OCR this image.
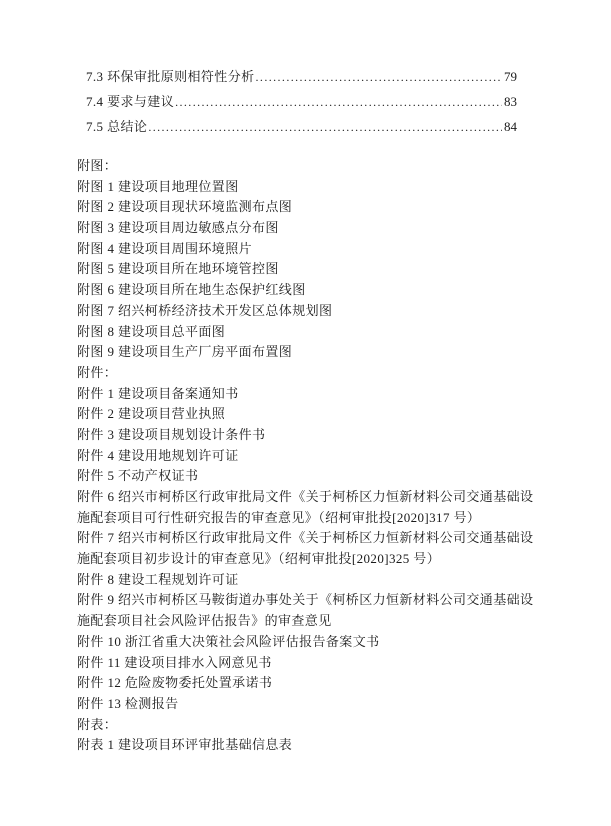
7.3 环保审批原则相符性分析 .....	79
7.4 要求与建议 .....	83
7.5 总结论 .....	84
附图：
附图 1 建设项目地理位置图
附图 2 建设项目现状环境监测布点图
附图 3 建设项目周边敏感点分布图
附图 4 建设项目周围环境照片
附图 5 建设项目所在地环境管控图
附图 6 建设项目所在地生态保护红线图
附图 7 绍兴柯桥经济技术开发区总体规划图
附图 8 建设项目总平面图
附图 9 建设项目生产厂房平面布置图
附件：
附件 1 建设项目备案通知书
附件 2 建设项目营业执照
附件 3 建设项目规划设计条件书
附件 4 建设用地规划许可证
附件 5 不动产权证书
附件 6 绍兴市柯桥区行政审批局文件《关于柯桥区力恒新材料公司交通基础设
施配套项目可行性研究报告的审查意见》（绍柯审批投[2020]317 号）
附件 7 绍兴市柯桥区行政审批局文件《关于柯桥区力恒新材料公司交通基础设
施配套项目初步设计的审查意见》（绍柯审批投[2020]325 号）
附件 8 建设工程规划许可证
附件 9 绍兴市柯桥区马鞍街道办事处关于《柯桥区力恒新材料公司交通基础设
施配套项目社会风险评估报告》的审查意见
附件 10 浙江省重大决策社会风险评估报告备案文书
附件 11 建设项目排水入网意见书
附件 12 危险废物委托处置承诺书
附件 13 检测报告
附表：
附表 1 建设项目环评审批基础信息表
